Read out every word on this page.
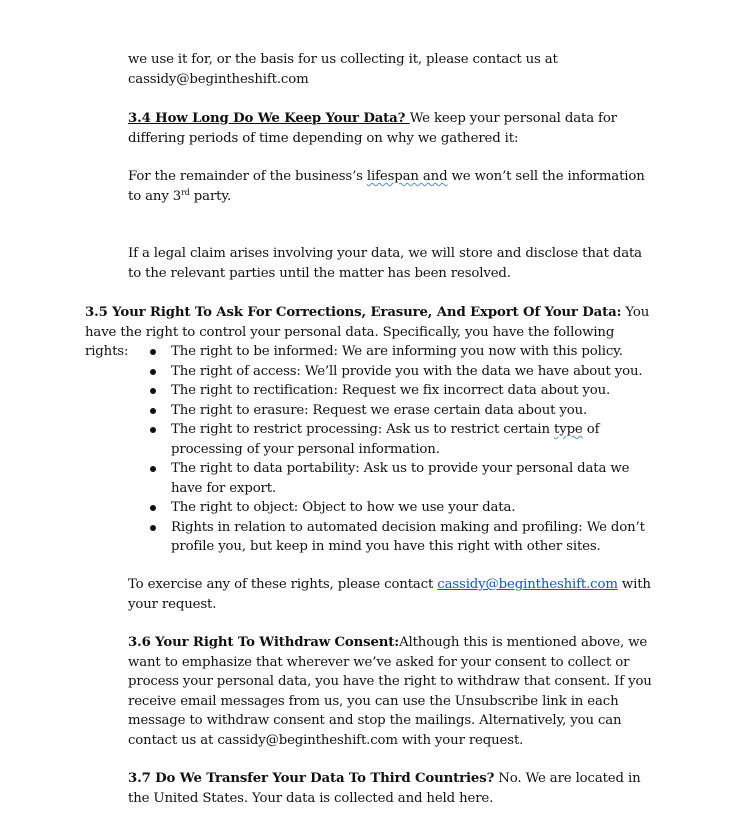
we use it for, or the basis for us collecting it, please contact us at
cassidy@begintheshift.com
3.4 How Long Do We Keep Your Data? We keep your personal data for differing periods of time depending on why we gathered it:
For the remainder of the business’s lifespan and we won’t sell the information to any 3rd party.
If a legal claim arises involving your data, we will store and disclose that data to the relevant parties until the matter has been resolved.
3.5 Your Right To Ask For Corrections, Erasure, And Export Of Your Data: You have the right to control your personal data. Specifically, you have the following rights:	The right to be informed: We are informing you now with this policy.
The right of access: We’ll provide you with the data we have about you.
The right to rectification: Request we fix incorrect data about you.
The right to erasure: Request we erase certain data about you.
The right to restrict processing: Ask us to restrict certain type of processing of your personal information.
The right to data portability: Ask us to provide your personal data we have for export.
The right to object: Object to how we use your data.
Rights in relation to automated decision making and profiling: We don’t profile you, but keep in mind you have this right with other sites.
To exercise any of these rights, please contact cassidy@begintheshift.com with your request.
3.6 Your Right To Withdraw Consent:Although this is mentioned above, we want to emphasize that wherever we’ve asked for your consent to collect or process your personal data, you have the right to withdraw that consent. If you receive email messages from us, you can use the Unsubscribe link in each message to withdraw consent and stop the mailings. Alternatively, you can contact us at cassidy@begintheshift.com with your request.
3.7 Do We Transfer Your Data To Third Countries? No. We are located in the United States. Your data is collected and held here.
